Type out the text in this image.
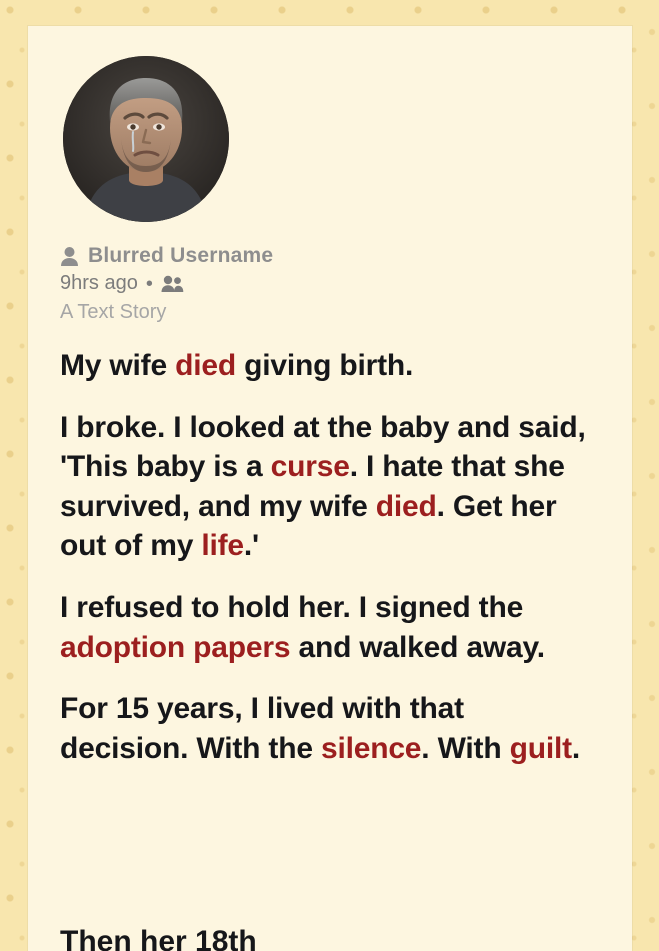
Blurred Username
9hrs ago •
A Text Story

My wife died giving birth.

I broke. I looked at the baby and said, 'This baby is a curse. I hate that she survived, and my wife died. Get her out of my life.'

I refused to hold her. I signed the adoption papers and walked away.

For 15 years, I lived with that decision. With the silence. With guilt.

Then her 18th
